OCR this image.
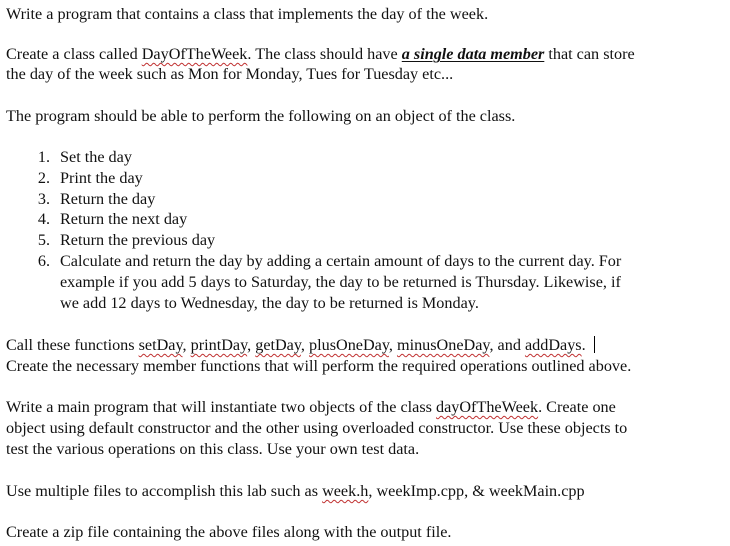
Write a program that contains a class that implements the day of the week.
Create a class called DayOfTheWeek. The class should have a single data member that can store
the day of the week such as Mon for Monday, Tues for Tuesday etc...
The program should be able to perform the following on an object of the class.
1. Set the day
2. Print the day
3. Return the day
4. Return the next day
5. Return the previous day
6. Calculate and return the day by adding a certain amount of days to the current day. For
example if you add 5 days to Saturday, the day to be returned is Thursday. Likewise, if
we add 12 days to Wednesday, the day to be returned is Monday.
Call these functions setDay, printDay, getDay, plusOneDay, minusOneDay, and addDays.
Create the necessary member functions that will perform the required operations outlined above.
Write a main program that will instantiate two objects of the class dayOfTheWeek. Create one
object using default constructor and the other using overloaded constructor. Use these objects to
test the various operations on this class. Use your own test data.
Use multiple files to accomplish this lab such as week.h, weekImp.cpp, & weekMain.cpp
Create a zip file containing the above files along with the output file.
